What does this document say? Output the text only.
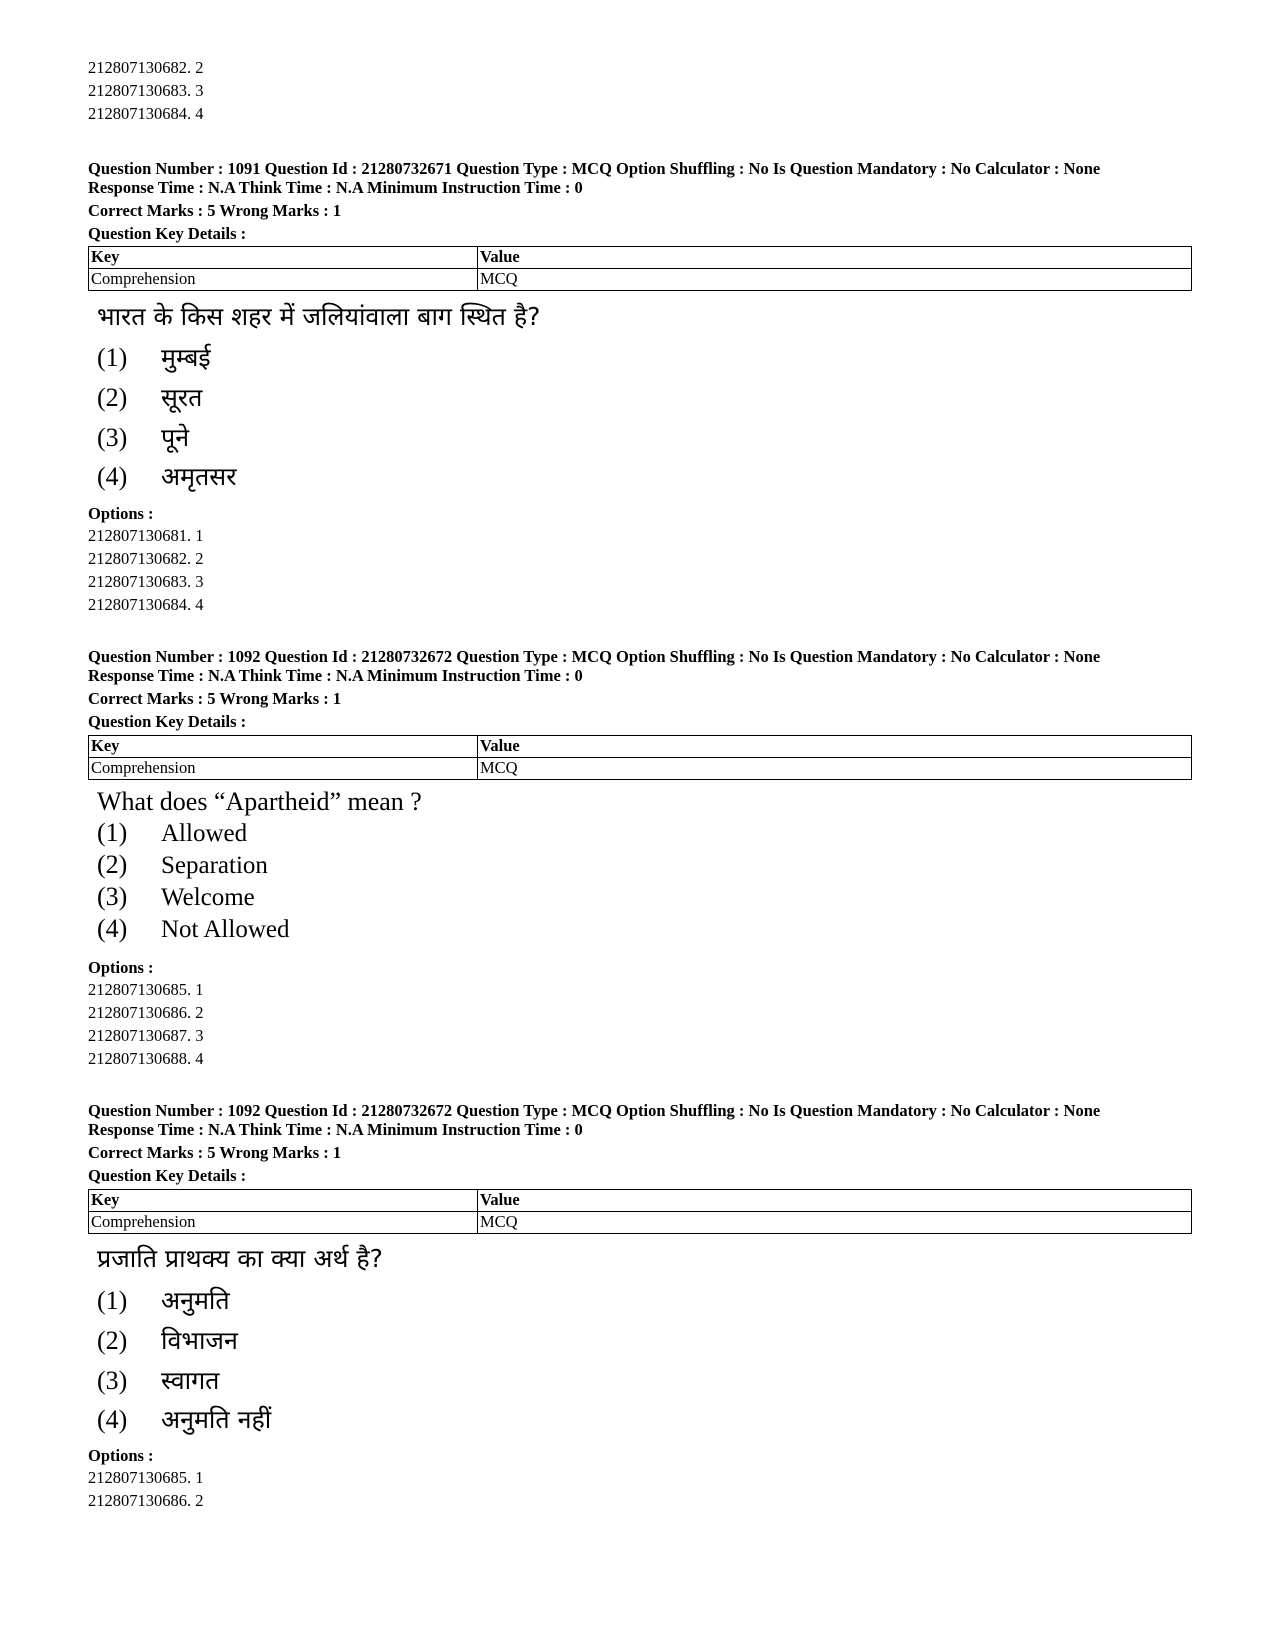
212807130682. 2
212807130683. 3
212807130684. 4
Question Number : 1091 Question Id : 21280732671 Question Type : MCQ Option Shuffling : No Is Question Mandatory : No Calculator : None
Response Time : N.A Think Time : N.A Minimum Instruction Time : 0
Correct Marks : 5 Wrong Marks : 1
Question Key Details :
Key	Value
Comprehension	MCQ
भारत के किस शहर में जलियांवाला बाग स्थित है?
(1) मुम्बई
(2) सूरत
(3) पूने
(4) अमृतसर
Options :
212807130681. 1
212807130682. 2
212807130683. 3
212807130684. 4
Question Number : 1092 Question Id : 21280732672 Question Type : MCQ Option Shuffling : No Is Question Mandatory : No Calculator : None
Response Time : N.A Think Time : N.A Minimum Instruction Time : 0
Correct Marks : 5 Wrong Marks : 1
Question Key Details :
Key	Value
Comprehension	MCQ
What does “Apartheid” mean ?
(1) Allowed
(2) Separation
(3) Welcome
(4) Not Allowed
Options :
212807130685. 1
212807130686. 2
212807130687. 3
212807130688. 4
Question Number : 1092 Question Id : 21280732672 Question Type : MCQ Option Shuffling : No Is Question Mandatory : No Calculator : None
Response Time : N.A Think Time : N.A Minimum Instruction Time : 0
Correct Marks : 5 Wrong Marks : 1
Question Key Details :
Key	Value
Comprehension	MCQ
प्रजाति प्राथक्य का क्या अर्थ है?
(1) अनुमति
(2) विभाजन
(3) स्वागत
(4) अनुमति नहीं
Options :
212807130685. 1
212807130686. 2
